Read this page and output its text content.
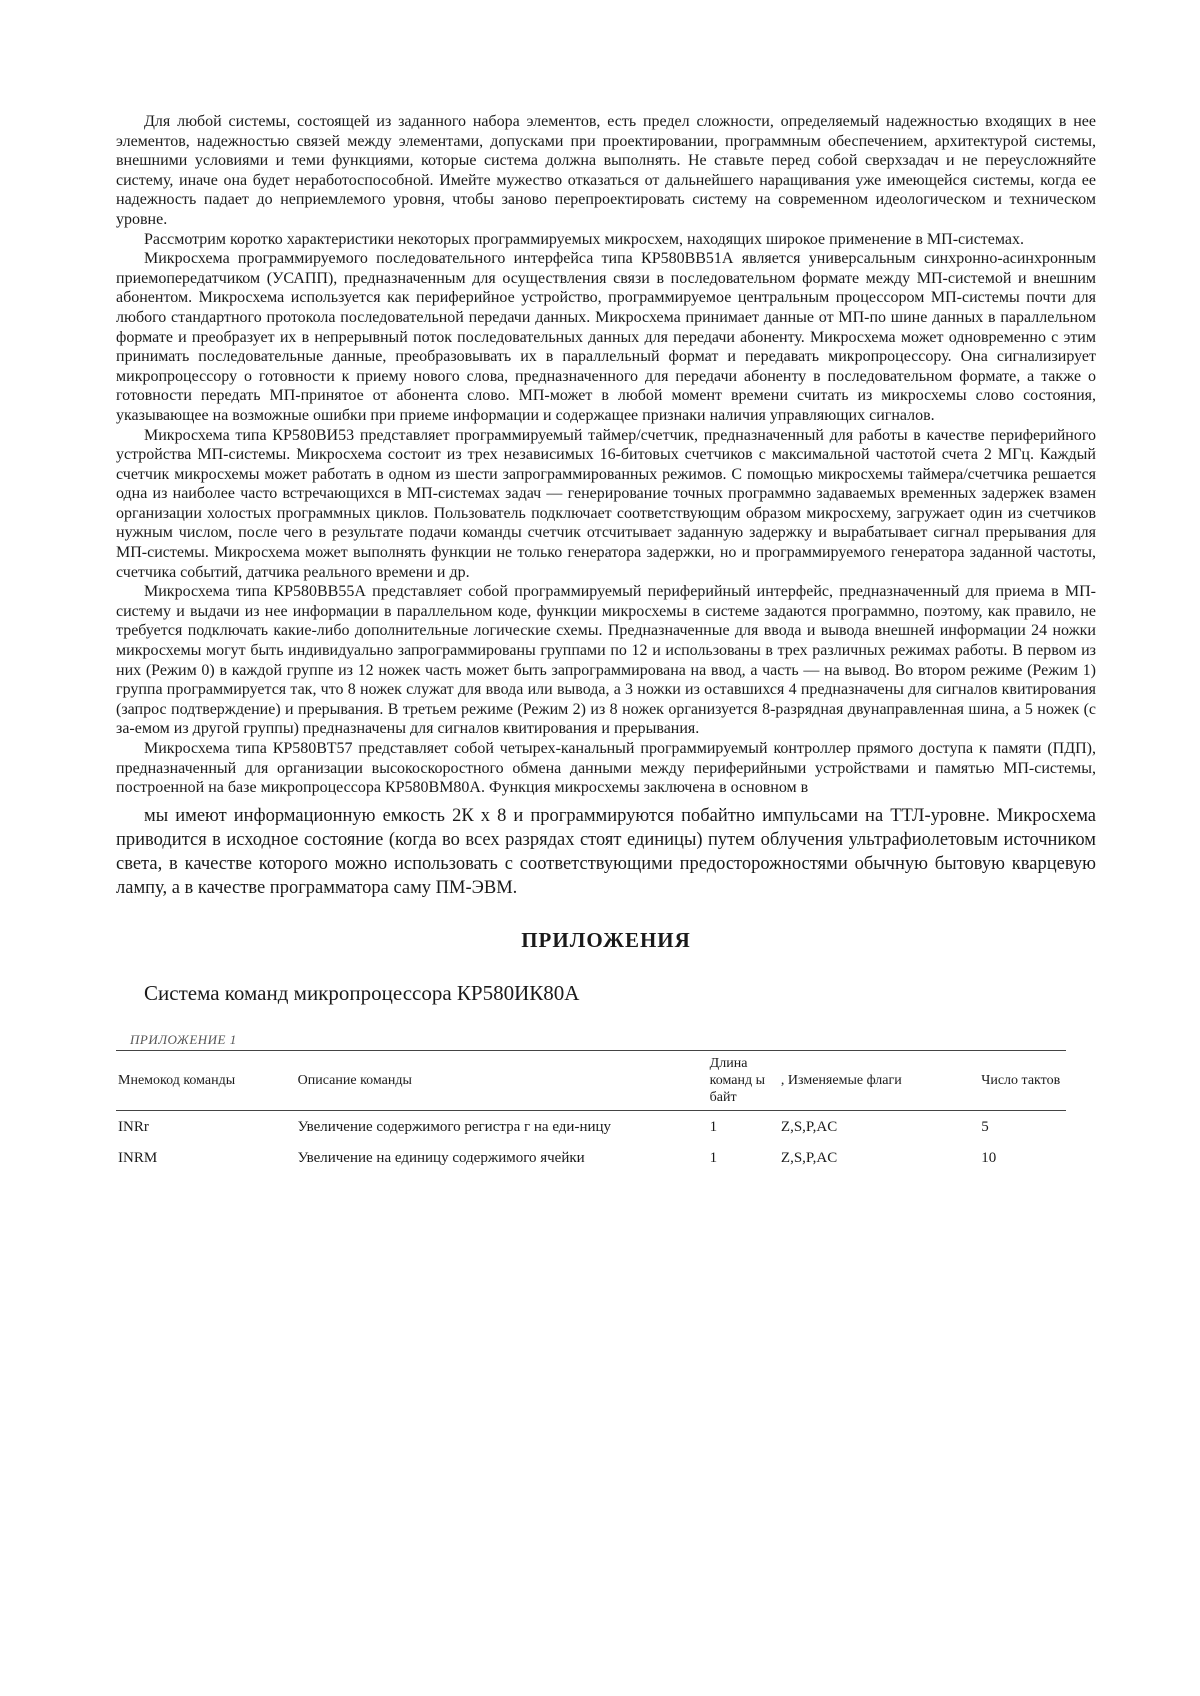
Для любой системы, состоящей из заданного набора элементов, есть предел сложности, определяемый надежностью входящих в нее элементов, надежностью связей между элементами, допусками при проектировании, программным обеспечением, архитектурой системы, внешними условиями и теми функциями, которые система должна выполнять. Не ставьте перед собой сверхзадач и не переусложняйте систему, иначе она будет неработоспособной. Имейте мужество отказаться от дальнейшего наращивания уже имеющейся системы, когда ее надежность падает до неприемлемого уровня, чтобы заново перепроектировать систему на современном идеологическом и техническом уровне.

Рассмотрим коротко характеристики некоторых программируемых микросхем, находящих широкое применение в МП-системах.

Микросхема программируемого последовательного интерфейса типа КР580ВВ51А является универсальным синхронно-асинхронным приемопередатчиком (УСАПП), предназначенным для осуществления связи в последовательном формате между МП-системой и внешним абонентом. Микросхема используется как периферийное устройство, программируемое центральным процессором МП-системы почти для любого стандартного протокола последовательной передачи данных. Микросхема принимает данные от МП-по шине данных в параллельном формате и преобразует их в непрерывный поток последовательных данных для передачи абоненту. Микросхема может одновременно с этим принимать последовательные данные, преобразовывать их в параллельный формат и передавать микропроцессору. Она сигнализирует микропроцессору о готовности к приему нового слова, предназначенного для передачи абоненту в последовательном формате, а также о готовности передать МП-принятое от абонента слово. МП-может в любой момент времени считать из микросхемы слово состояния, указывающее на возможные ошибки при приеме информации и содержащее признаки наличия управляющих сигналов.

Микросхема типа КР580ВИ53 представляет программируемый таймер/счетчик, предназначенный для работы в качестве периферийного устройства МП-системы. Микросхема состоит из трех независимых 16-битовых счетчиков с максимальной частотой счета 2 МГц. Каждый счетчик микросхемы может работать в одном из шести запрограммированных режимов. С помощью микросхемы таймера/счетчика решается одна из наиболее часто встречающихся в МП-системах задач — генерирование точных программно задаваемых временных задержек взамен организации холостых программных циклов. Пользователь подключает соответствующим образом микросхему, загружает один из счетчиков нужным числом, после чего в результате подачи команды счетчик отсчитывает заданную задержку и вырабатывает сигнал прерывания для МП-системы. Микросхема может выполнять функции не только генератора задержки, но и программируемого генератора заданной частоты, счетчика событий, датчика реального времени и др.

Микросхема типа КР580ВВ55А представляет собой программируемый периферийный интерфейс, предназначенный для приема в МП-систему и выдачи из нее информации в параллельном коде, функции микросхемы в системе задаются программно, поэтому, как правило, не требуется подключать какие-либо дополнительные логические схемы. Предназначенные для ввода и вывода внешней информации 24 ножки микросхемы могут быть индивидуально запрограммированы группами по 12 и использованы в трех различных режимах работы. В первом из них (Режим 0) в каждой группе из 12 ножек часть может быть запрограммирована на ввод, а часть — на вывод. Во втором режиме (Режим 1) группа программируется так, что 8 ножек служат для ввода или вывода, а 3 ножки из оставшихся 4 предназначены для сигналов квитирования (запрос подтверждение) и прерывания. В третьем режиме (Режим 2) из 8 ножек организуется 8-разрядная двунаправленная шина, а 5 ножек (с за-емом из другой группы) предназначены для сигналов квитирования и прерывания.

Микросхема типа КР580ВТ57 представляет собой четырех-канальный программируемый контроллер прямого доступа к памяти (ПДП), предназначенный для организации высокоскоростного обмена данными между периферийными устройствами и памятью МП-системы, построенной на базе микропроцессора КР580ВМ80А. Функция микросхемы заключена в основном в

мы имеют информационную емкость 2К х 8 и программируются побайтно импульсами на ТТЛ-уровне. Микросхема приводится в исходное состояние (когда во всех разрядах стоят единицы) путем облучения ультрафиолетовым источником света, в качестве которого можно использовать с соответствующими предосторожностями обычную бытовую кварцевую лампу, а в качестве программатора саму ПМ-ЭВМ.

ПРИЛОЖЕНИЯ
Система команд микропроцессора КР580ИК80А
ПРИЛОЖЕНИЕ 1
Мнемокод команды	Описание команды	Длина команд ы байт	, Изменяемые флаги	Число тактов
INRr	Увеличение содержимого регистра г на еди-ницу	1	Z,S,P,AC	5
INRM	Увеличение на единицу содержимого ячейки	1	Z,S,P,AC	10
